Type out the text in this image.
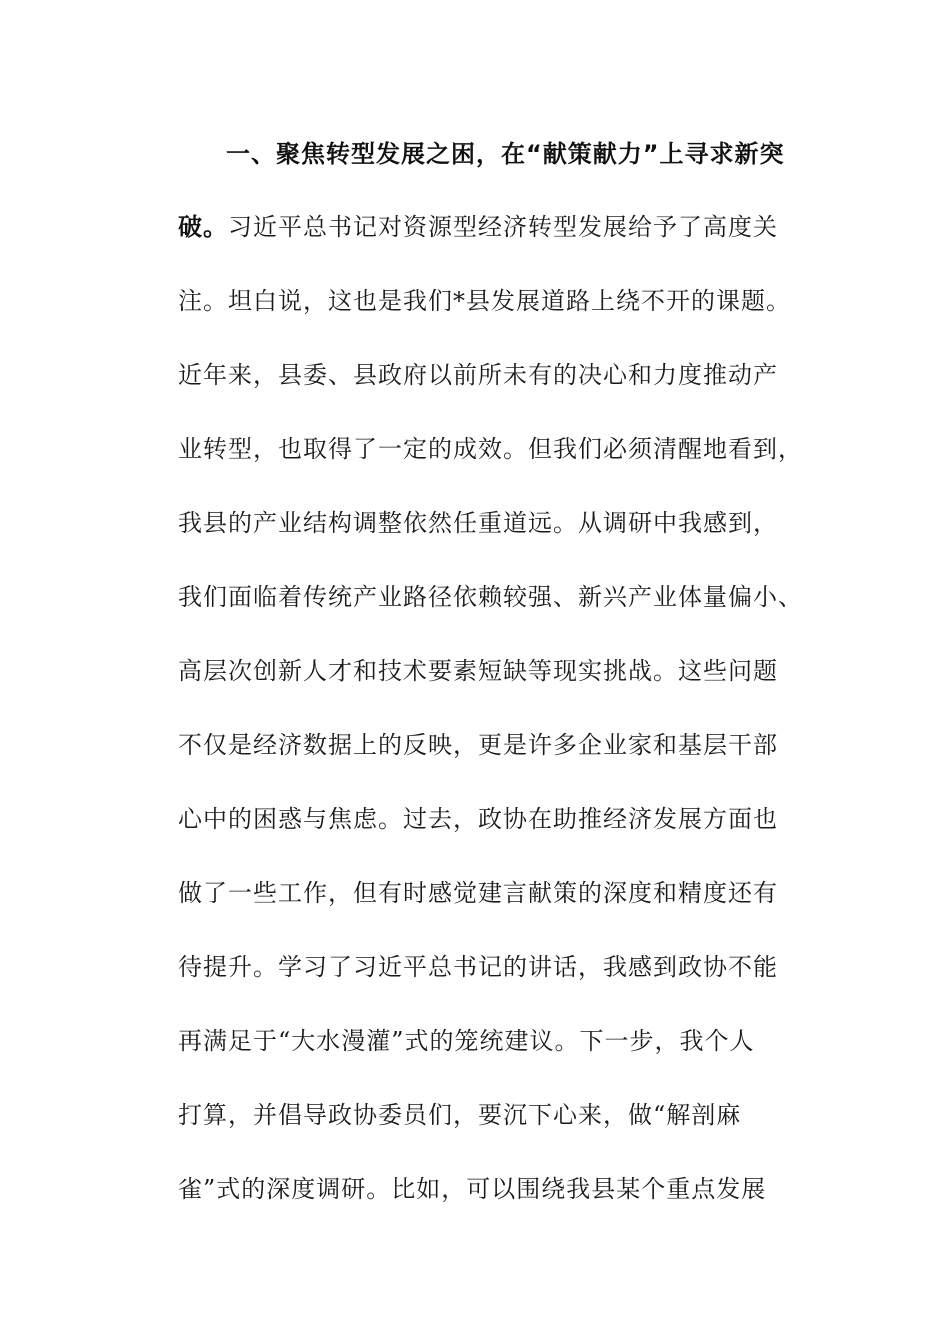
一、聚焦转型发展之困，在“献策献力”上寻求新突
破。习近平总书记对资源型经济转型发展给予了高度关
注。坦白说，这也是我们*县发展道路上绕不开的课题。
近年来，县委、县政府以前所未有的决心和力度推动产
业转型，也取得了一定的成效。但我们必须清醒地看到，
我县的产业结构调整依然任重道远。从调研中我感到，
我们面临着传统产业路径依赖较强、新兴产业体量偏小、
高层次创新人才和技术要素短缺等现实挑战。这些问题
不仅是经济数据上的反映，更是许多企业家和基层干部
心中的困惑与焦虑。过去，政协在助推经济发展方面也
做了一些工作，但有时感觉建言献策的深度和精度还有
待提升。学习了习近平总书记的讲话，我感到政协不能
再满足于“大水漫灌”式的笼统建议。下一步，我个人
打算，并倡导政协委员们，要沉下心来，做“解剖麻
雀”式的深度调研。比如，可以围绕我县某个重点发展
